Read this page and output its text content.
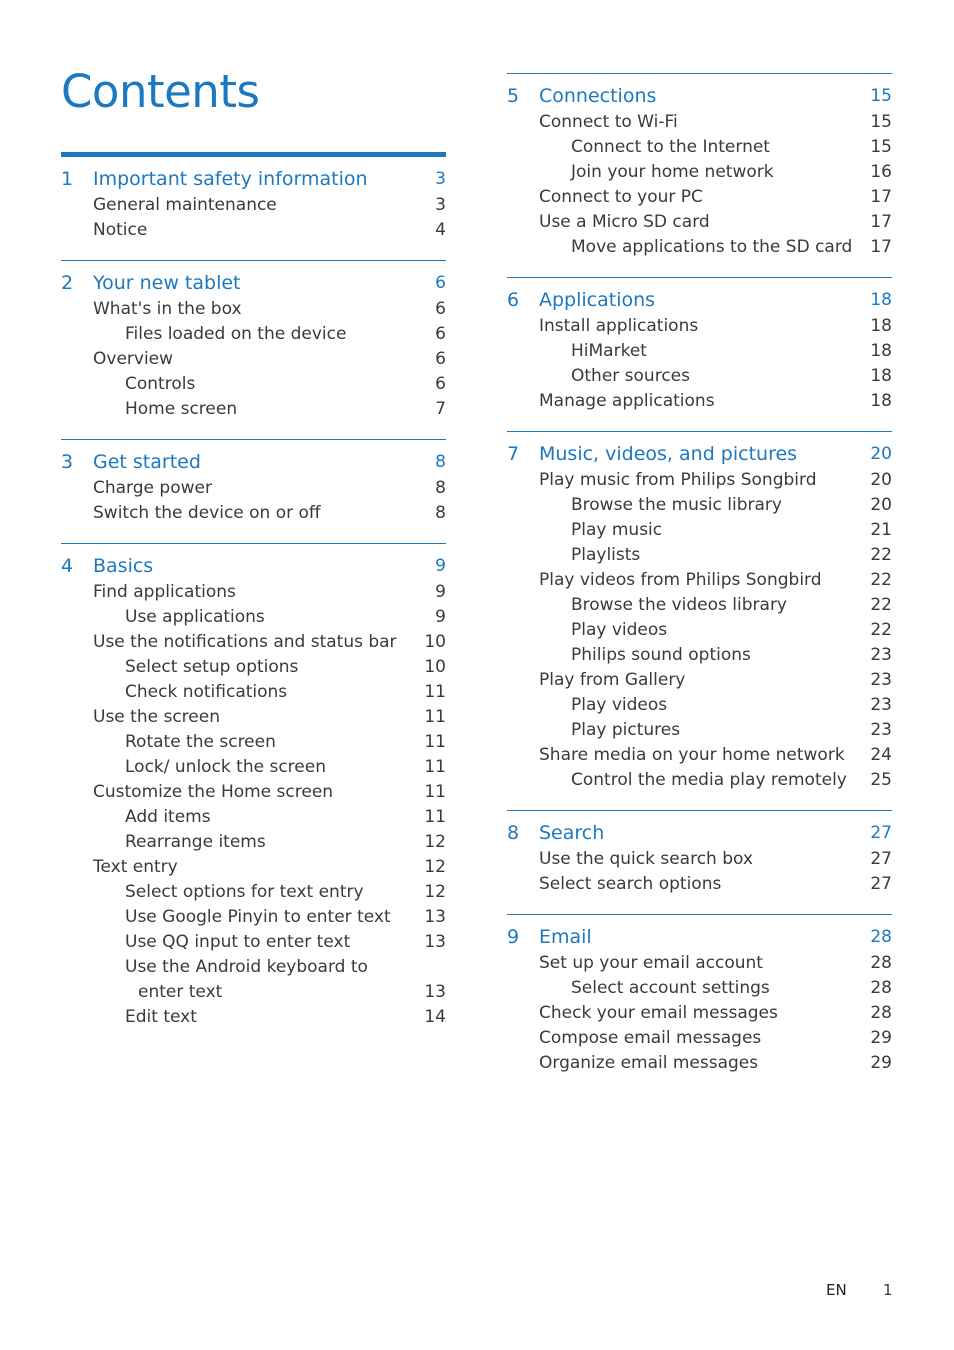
Contents
1 Important safety information	3
General maintenance	3
Notice	4
2 Your new tablet	6
What's in the box	6
Files loaded on the device	6
Overview	6
Controls	6
Home screen	7
3 Get started	8
Charge power	8
Switch the device on or off	8
4 Basics	9
Find applications	9
Use applications	9
Use the notifications and status bar 10
Select setup options	10
Check notifications	11
Use the screen	11
Rotate the screen	11
Lock/ unlock the screen	11
Customize the Home screen	11
Add items	11
Rearrange items	12
Text entry	12
Select options for text entry	12
Use Google Pinyin to enter text 13
Use QQ input to enter text	13
Use the Android keyboard to
enter text	13
Edit text	14
5 Connections	15
Connect to Wi-Fi	15
Connect to the Internet	15
Join your home network	16
Connect to your PC	17
Use a Micro SD card	17
Move applications to the SD card 17
6 Applications	18
Install applications	18
HiMarket	18
Other sources	18
Manage applications	18
7 Music, videos, and pictures	20
Play music from Philips Songbird	20
Browse the music library	20
Play music	21
Playlists	22
Play videos from Philips Songbird	22
Browse the videos library	22
Play videos	22
Philips sound options	23
Play from Gallery	23
Play videos	23
Play pictures	23
Share media on your home network 24
Control the media play remotely 25
8 Search	27
Use the quick search box	27
Select search options	27
9 Email	28
Set up your email account	28
Select account settings	28
Check your email messages	28
Compose email messages	29
Organize email messages	29
EN 1
